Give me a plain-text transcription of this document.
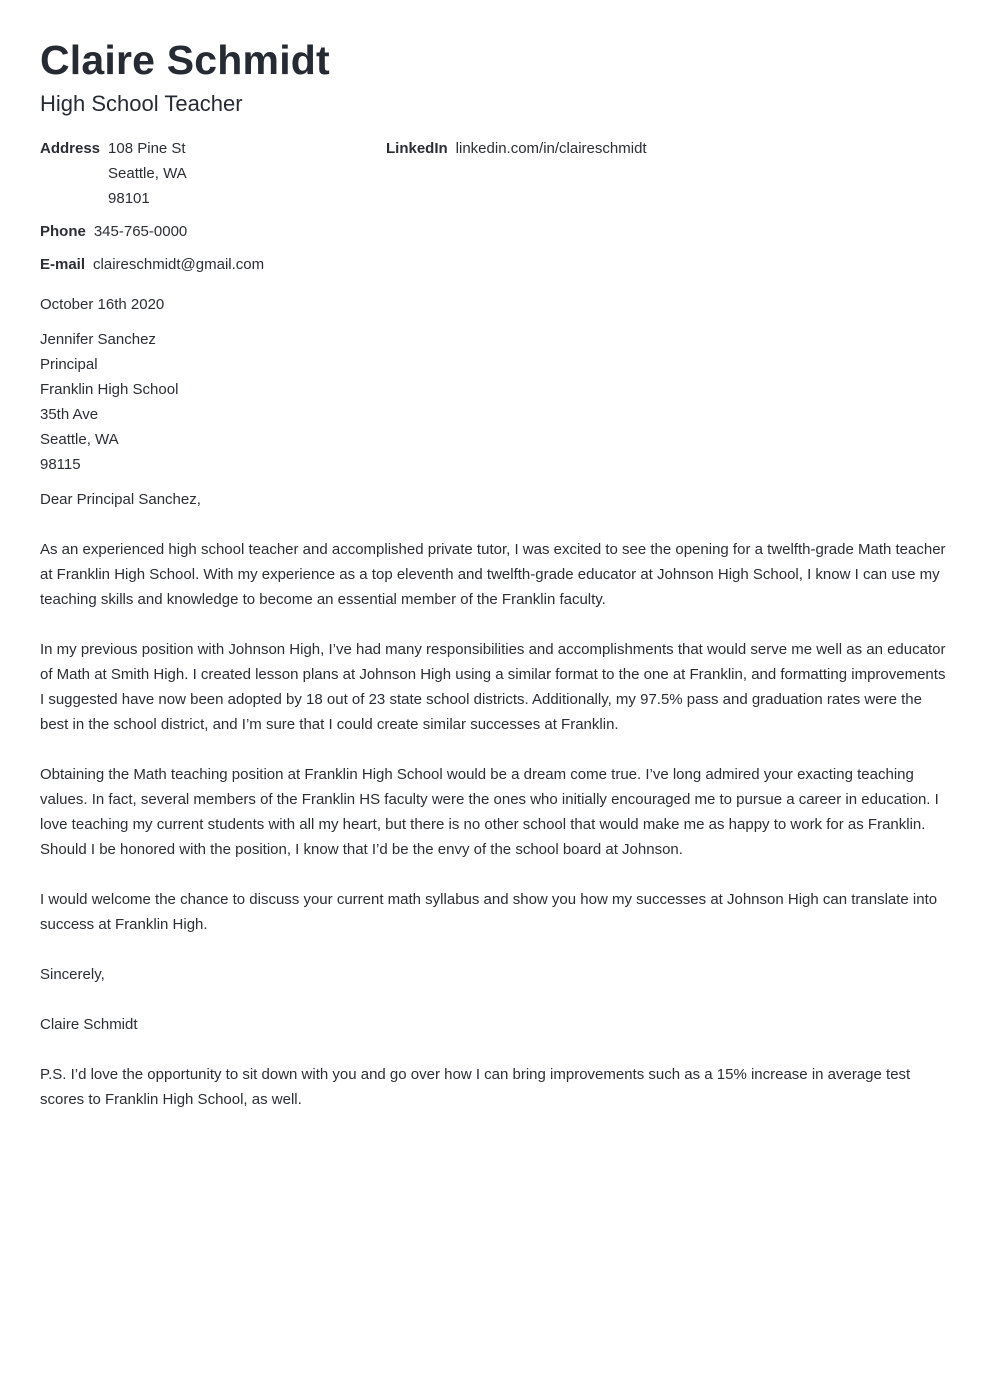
Claire Schmidt
High School Teacher
Address 108 Pine St
Seattle, WA
98101
Phone 345-765-0000
E-mail claireschmidt@gmail.com
LinkedIn linkedin.com/in/claireschmidt
October 16th 2020
Jennifer Sanchez
Principal
Franklin High School
35th Ave
Seattle, WA
98115
Dear Principal Sanchez,

As an experienced high school teacher and accomplished private tutor, I was excited to see the opening for a twelfth-grade Math teacher at Franklin High School. With my experience as a top eleventh and twelfth-grade educator at Johnson High School, I know I can use my teaching skills and knowledge to become an essential member of the Franklin faculty.

In my previous position with Johnson High, I’ve had many responsibilities and accomplishments that would serve me well as an educator of Math at Smith High. I created lesson plans at Johnson High using a similar format to the one at Franklin, and formatting improvements I suggested have now been adopted by 18 out of 23 state school districts. Additionally, my 97.5% pass and graduation rates were the best in the school district, and I’m sure that I could create similar successes at Franklin.

Obtaining the Math teaching position at Franklin High School would be a dream come true. I’ve long admired your exacting teaching values. In fact, several members of the Franklin HS faculty were the ones who initially encouraged me to pursue a career in education. I love teaching my current students with all my heart, but there is no other school that would make me as happy to work for as Franklin. Should I be honored with the position, I know that I’d be the envy of the school board at Johnson.

I would welcome the chance to discuss your current math syllabus and show you how my successes at Johnson High can translate into success at Franklin High.

Sincerely,
Claire Schmidt
P.S. I’d love the opportunity to sit down with you and go over how I can bring improvements such as a 15% increase in average test scores to Franklin High School, as well.
